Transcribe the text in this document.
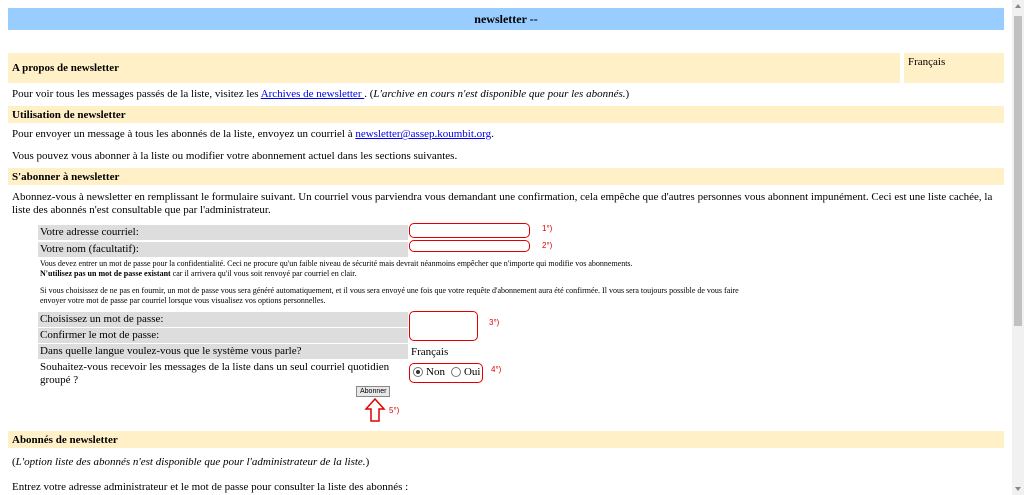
newsletter --
A propos de newsletter	Français

Pour voir tous les messages passés de la liste, visitez les Archives de newsletter . (L'archive en cours n'est disponible que pour les abonnés.)

Utilisation de newsletter

Pour envoyer un message à tous les abonnés de la liste, envoyez un courriel à newsletter@assep.koumbit.org.

Vous pouvez vous abonner à la liste ou modifier votre abonnement actuel dans les sections suivantes.

S'abonner à newsletter

Abonnez-vous à newsletter en remplissant le formulaire suivant. Un courriel vous parviendra vous demandant une confirmation, cela empêche que d'autres personnes vous abonnent impunément. Ceci est une liste cachée, la liste des abonnés n'est consultable que par l'administrateur.

Votre adresse courriel:
Votre nom (facultatif):
1°)
2°)
Vous devez entrer un mot de passe pour la confidentialité. Ceci ne procure qu'un faible niveau de sécurité mais devrait néanmoins empêcher que n'importe qui modifie vos abonnements.
N'utilisez pas un mot de passe existant car il arrivera qu'il vous soit renvoyé par courriel en clair.
Si vous choisissez de ne pas en fournir, un mot de passe vous sera généré automatiquement, et il vous sera envoyé une fois que votre requête d'abonnement aura été confirmée. Il vous sera toujours possible de vous faire envoyer votre mot de passe par courriel lorsque vous visualisez vos options personnelles.
Choisissez un mot de passe:
Confirmer le mot de passe:
3°)
Dans quelle langue voulez-vous que le système vous parle?	Français
Souhaitez-vous recevoir les messages de la liste dans un seul courriel quotidien groupé ?
Non Oui 4°)
Abonner
5°)
Abonnés de newsletter

(L'option liste des abonnés n'est disponible que pour l'administrateur de la liste.)

Entrez votre adresse administrateur et le mot de passe pour consulter la liste des abonnés :
